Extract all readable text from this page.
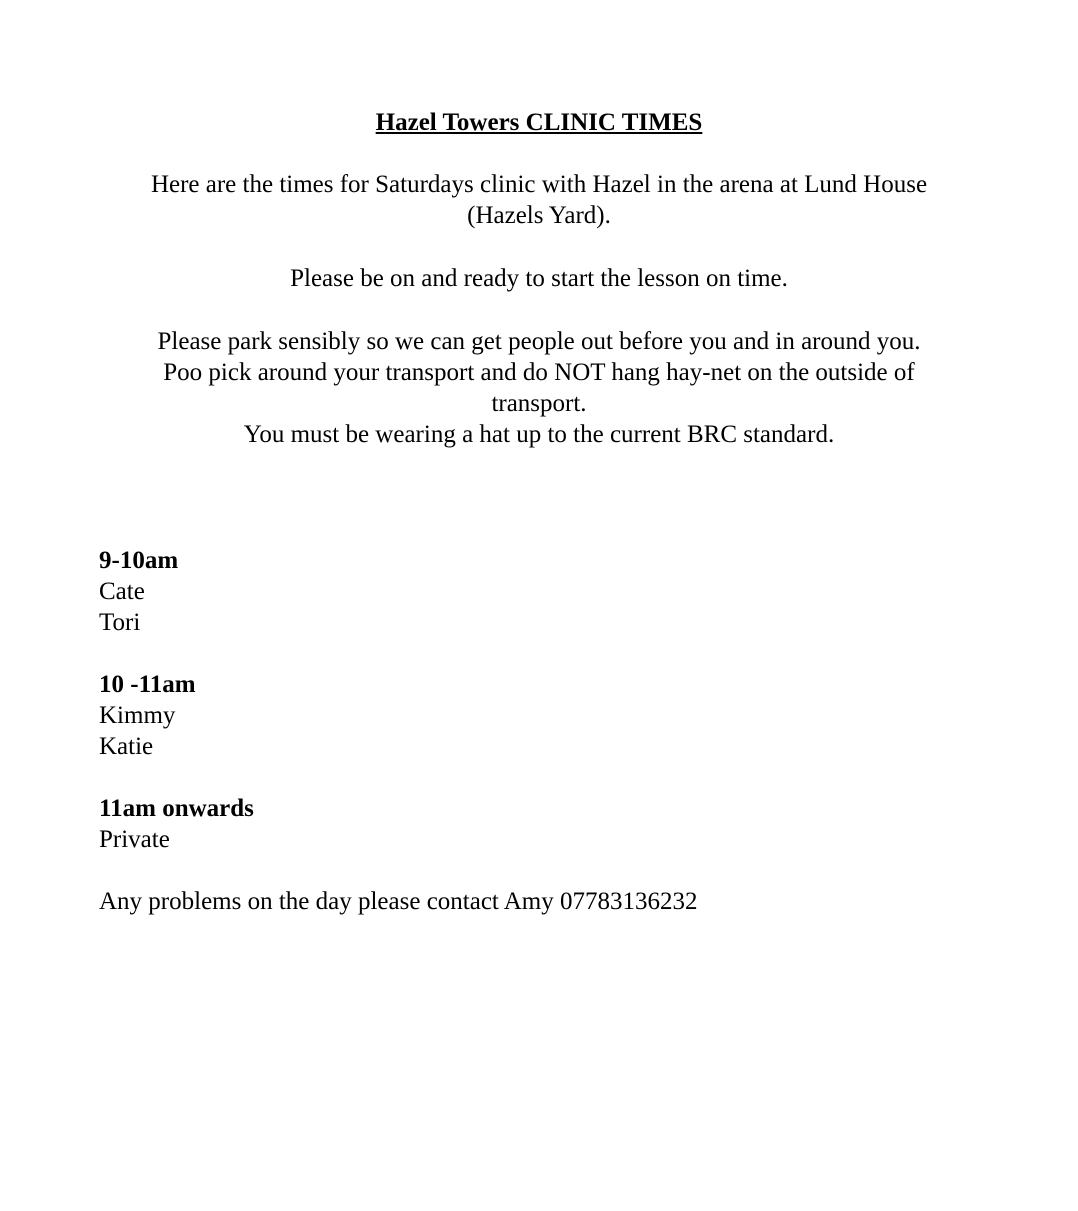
Hazel Towers CLINIC TIMES
Here are the times for Saturdays clinic with Hazel in the arena at Lund House
(Hazels Yard).
Please be on and ready to start the lesson on time.
Please park sensibly so we can get people out before you and in around you.
Poo pick around your transport and do NOT hang hay-net on the outside of
transport.
You must be wearing a hat up to the current BRC standard.
9-10am
Cate
Tori
10 -11am
Kimmy
Katie
11am onwards
Private
Any problems on the day please contact Amy 07783136232
